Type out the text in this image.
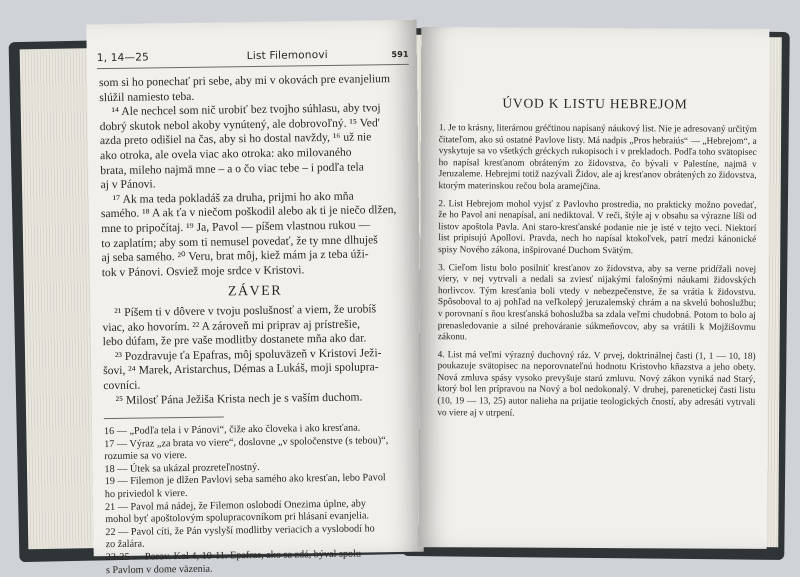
1, 14—25	List Filemonovi	591

som si ho ponechať pri sebe, aby mi v okovách pre evanjelium

slúžil namiesto teba.

¹⁴ Ale nechcel som nič urobiť bez tvojho súhlasu, aby tvoj

dobrý skutok nebol akoby vynútený, ale dobrovoľný. ¹⁵ Ved'

azda preto odišiel na čas, aby si ho dostal navždy, ¹⁶ už nie

ako otroka, ale ovela viac ako otroka: ako milovaného

brata, mileho najmä mne – a o čo viac tebe – i podľa tela

aj v Pánovi.

¹⁷ Ak ma teda pokladáš za druha, prijmi ho ako mňa

samého. ¹⁸ A ak ťa v niečom poškodil alebo ak ti je niečo dlžen,

mne to pripočítaj. ¹⁹ Ja, Pavol — píšem vlastnou rukou —

to zaplatím; aby som ti nemusel povedať, že ty mne dlhuješ

aj seba samého. ²⁰ Veru, brat môj, kiež mám ja z teba úži-

tok v Pánovi. Osviež moje srdce v Kristovi.

ZÁVER

²¹ Píšem ti v dôvere v tvoju poslušnosť a viem, že urobíš

viac, ako hovorím. ²² A zároveň mi priprav aj prístrešie,

lebo dúfam, že pre vaše modlitby dostanete mňa ako dar.

²³ Pozdravuje ťa Epafras, môj spoluväzeň v Kristovi Ježi-

šovi, ²⁴ Marek, Aristarchus, Démas a Lukáš, moji spolupra-

covníci.

²⁵ Milosť Pána Ježiša Krista nech je s vaším duchom.

16 — „Podľa tela i v Pánovi“, čiže ako človeka i ako kresťana.

17 — Výraz „za brata vo viere“, doslovne „v spoločenstve (s tebou)“,

rozumie sa vo viere.

18 — Útek sa ukázal prozreteľnostný.

19 — Filemon je dlžen Pavlovi seba samého ako kresťan, lebo Pavol

ho priviedol k viere.

21 — Pavol má nádej, že Filemon oslobodí Onezima úplne, aby

mohol byť apoštolovým spolupracovníkom pri hlásaní evanjelia.

22 — Pavol cíti, že Pán vyslyší modlitby veriacich a vyslobodí ho

zo žalára.

23-25 — Porov. Kol 4, 10-11. Epafras, ako sa zdá, býval spolu

s Pavlom v dome väzenia.

ÚVOD K LISTU HEBREJOM

1. Je to krásny, literárnou gréčtinou napísaný náukový list. Nie je adresovaný určitým čitateľom, ako sú ostatné Pavlove listy. Má nadpis „Pros hebraiús“ — „Hebrejom“, a vyskytuje sa vo všetkých gréckych rukopisoch i v prekladoch. Podľa toho svätopisec ho napísal kresťanom obráteným zo židovstva, čo bývali v Palestíne, najmä v Jeruzaleme. Hebrejmi totiž nazývali Židov, ale aj kresťanov obrátených zo židovstva, ktorým materinskou rečou bola aramejčina.

2. List Hebrejom mohol vyjsť z Pavlovho prostredia, no prakticky možno povedať, že ho Pavol ani nenapísal, ani nediktoval. V reči, štýle aj v obsahu sa výrazne líši od listov apoštola Pavla. Ani staro-kresťanské podanie nie je isté v tejto veci. Niektorí list pripisujú Apollovi. Pravda, nech ho napísal ktokoľvek, patrí medzi kánonické spisy Nového zákona, inšpirované Duchom Svätým.

3. Cieľom listu bolo posilniť kresťanov zo židovstva, aby sa verne pridŕžali novej viery, v nej vytrvali a nedali sa zviesť nijakými falošnými náukami židovských horlivcov. Tým kresťania boli vtedy v nebezpečenstve, že sa vrátia k židovstvu. Spôsoboval to aj pohľad na veľkolepý jeruzalemský chrám a na skvelú bohoslužbu; v porovnaní s ňou kresťanská bohoslužba sa zdala veľmi chudobná. Potom to bolo aj prenasledovanie a silné prehováranie súkmeňovcov, aby sa vrátili k Mojžišovmu zákonu.

4. List má veľmi výrazný duchovný ráz. V prvej, doktrinálnej časti (1, 1 — 10, 18) poukazuje svätopisec na neporovnateľnú hodnotu Kristovho kňazstva a jeho obety. Nová zmluva spásy vysoko prevyšuje starú zmluvu. Nový zákon vyniká nad Starý, ktorý bol len prípravou na Nový a bol nedokonalý. V druhej, parenetickej časti listu (10, 19 — 13, 25) autor nalieha na prijatie teologických čností, aby adresáti vytrvali vo viere aj v utrpení.
